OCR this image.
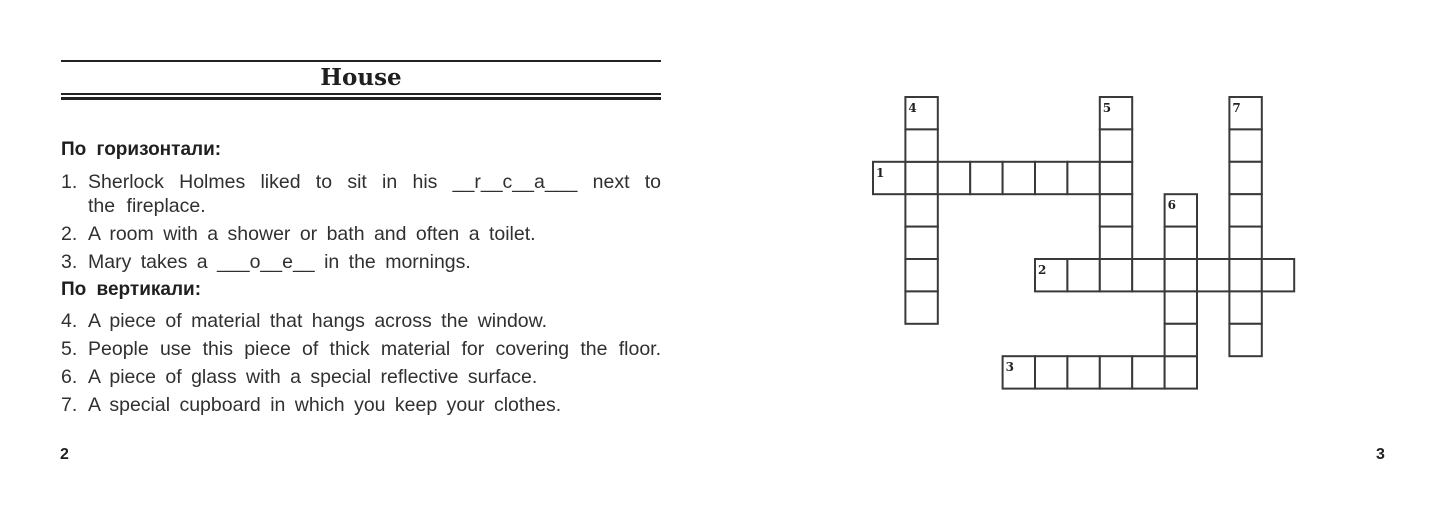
House
По горизонтали:
1. Sherlock Holmes liked to sit in his __r__c__a___ next to
the fireplace.
2. A room with a shower or bath and often a toilet.
3. Mary takes a ___o__e__ in the mornings.
По вертикали:
4. A piece of material that hangs across the window.
5. People use this piece of thick material for covering the floor.
6. A piece of glass with a special reflective surface.
7. A special cupboard in which you keep your clothes.
2
1
2
3
4	5
6
7
3
